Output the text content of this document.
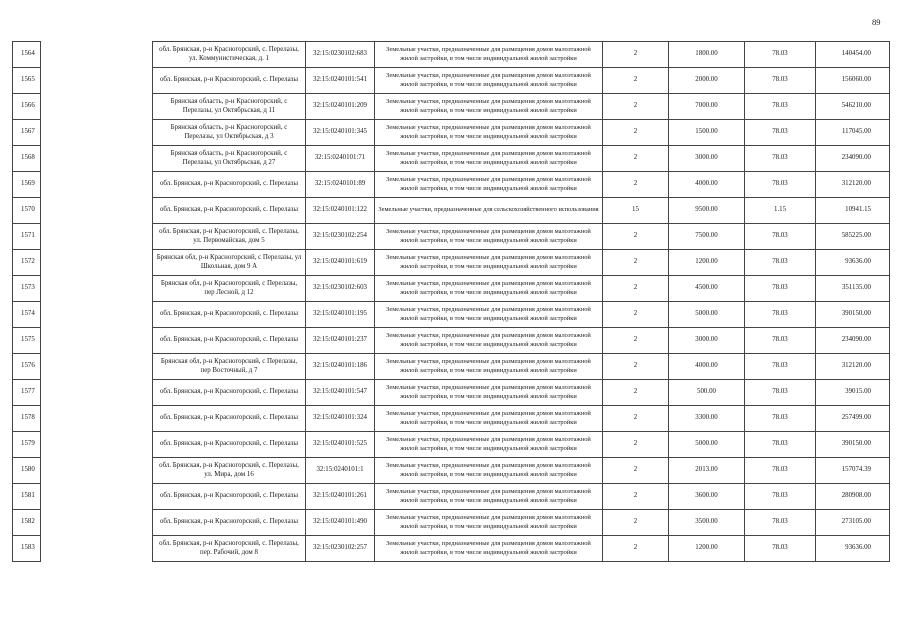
89
1564		обл. Брянская, р-н Красногорский, с. Перелазы, ул. Коммунистическая, д. 1	32:15:0230102:683	Земельные участки, предназначенные для размещения домов малоэтажной жилой застройки, в том числе индивидуальной жилой застройки	2	1800.00	78.03	140454.00
1565		обл. Брянская, р-н Красногорский, с. Перелазы	32:15:0240101:541	Земельные участки, предназначенные для размещения домов малоэтажной жилой застройки, в том числе индивидуальной жилой застройки	2	2000.00	78.03	156060.00
1566		Брянская область, р-н Красногорский, с Перелазы, ул Октябрьская, д 11	32:15:0240101:209	Земельные участки, предназначенные для размещения домов малоэтажной жилой застройки, в том числе индивидуальной жилой застройки	2	7000.00	78.03	546210.00
1567		Брянская область, р-н Красногорский, с Перелазы, ул Октябрьская, д 3	32:15:0240101:345	Земельные участки, предназначенные для размещения домов малоэтажной жилой застройки, в том числе индивидуальной жилой застройки	2	1500.00	78.03	117045.00
1568		Брянская область, р-н Красногорский, с Перелазы, ул Октябрьская, д 27	32:15:0240101:71	Земельные участки, предназначенные для размещения домов малоэтажной жилой застройки, в том числе индивидуальной жилой застройки	2	3000.00	78.03	234090.00
1569		обл. Брянская, р-н Красногорский, с. Перелазы	32:15:0240101:89	Земельные участки, предназначенные для размещения домов малоэтажной жилой застройки, в том числе индивидуальной жилой застройки	2	4000.00	78.03	312120.00
1570		обл. Брянская, р-н Красногорский, с. Перелазы	32:15:0240101:122	Земельные участки, предназначенные для сельскохозяйственного использования	15	9500.00	1.15	10941.15
1571		обл. Брянская, р-н Красногорский, с. Перелазы, ул. Первомайская, дом 5	32:15:0230102:254	Земельные участки, предназначенные для размещения домов малоэтажной жилой застройки, в том числе индивидуальной жилой застройки	2	7500.00	78.03	585225.00
1572		Брянская обл, р-н Красногорский, с Перелазы, ул Школьная, дом 9 А	32:15:0240101:619	Земельные участки, предназначенные для размещения домов малоэтажной жилой застройки, в том числе индивидуальной жилой застройки	2	1200.00	78.03	93636.00
1573		Брянская обл, р-н Красногорский, с Перелазы, пер Лесной, д 12	32:15:0230102:603	Земельные участки, предназначенные для размещения домов малоэтажной жилой застройки, в том числе индивидуальной жилой застройки	2	4500.00	78.03	351135.00
1574		обл. Брянская, р-н Красногорский, с. Перелазы	32:15:0240101:195	Земельные участки, предназначенные для размещения домов малоэтажной жилой застройки, в том числе индивидуальной жилой застройки	2	5000.00	78.03	390150.00
1575		обл. Брянская, р-н Красногорский, с. Перелазы	32:15:0240101:237	Земельные участки, предназначенные для размещения домов малоэтажной жилой застройки, в том числе индивидуальной жилой застройки	2	3000.00	78.03	234090.00
1576		Брянская обл, р-н Красногорский, с Перелазы, пер Восточный, д 7	32:15:0240101:186	Земельные участки, предназначенные для размещения домов малоэтажной жилой застройки, в том числе индивидуальной жилой застройки	2	4000.00	78.03	312120.00
1577		обл. Брянская, р-н Красногорский, с. Перелазы	32:15:0240101:547	Земельные участки, предназначенные для размещения домов малоэтажной жилой застройки, в том числе индивидуальной жилой застройки	2	500.00	78.03	39015.00
1578		обл. Брянская, р-н Красногорский, с. Перелазы	32:15:0240101:324	Земельные участки, предназначенные для размещения домов малоэтажной жилой застройки, в том числе индивидуальной жилой застройки	2	3300.00	78.03	257499.00
1579		обл. Брянская, р-н Красногорский, с. Перелазы	32:15:0240101:525	Земельные участки, предназначенные для размещения домов малоэтажной жилой застройки, в том числе индивидуальной жилой застройки	2	5000.00	78.03	390150.00
1580		обл. Брянская, р-н Красногорский, с. Перелазы, ул. Мира, дом 16	32:15:0240101:1	Земельные участки, предназначенные для размещения домов малоэтажной жилой застройки, в том числе индивидуальной жилой застройки	2	2013.00	78.03	157074.39
1581		обл. Брянская, р-н Красногорский, с. Перелазы	32:15:0240101:261	Земельные участки, предназначенные для размещения домов малоэтажной жилой застройки, в том числе индивидуальной жилой застройки	2	3600.00	78.03	280908.00
1582		обл. Брянская, р-н Красногорский, с. Перелазы	32:15:0240101:490	Земельные участки, предназначенные для размещения домов малоэтажной жилой застройки, в том числе индивидуальной жилой застройки	2	3500.00	78.03	273105.00
1583		обл. Брянская, р-н Красногорский, с. Перелазы, пер. Рабочий, дом 8	32:15:0230102:257	Земельные участки, предназначенные для размещения домов малоэтажной жилой застройки, в том числе индивидуальной жилой застройки	2	1200.00	78.03	93636.00
